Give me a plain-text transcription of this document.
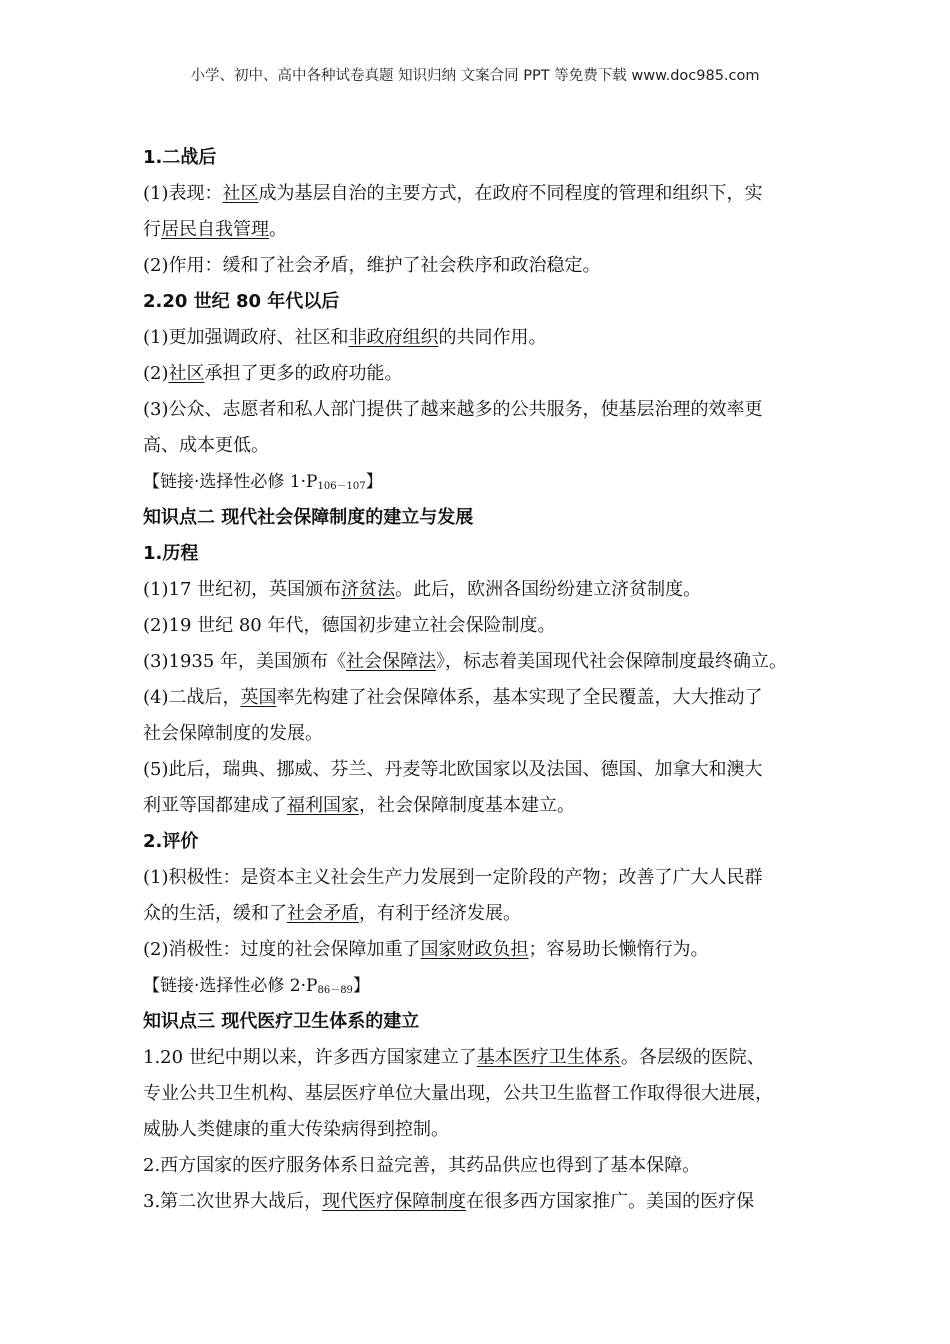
小学、初中、高中各种试卷真题 知识归纳 文案合同 PPT 等免费下载 www.doc985.com
1.二战后
(1)表现：社区成为基层自治的主要方式，在政府不同程度的管理和组织下，实
行居民自我管理。
(2)作用：缓和了社会矛盾，维护了社会秩序和政治稳定。
2.20 世纪 80 年代以后
(1)更加强调政府、社区和非政府组织的共同作用。
(2)社区承担了更多的政府功能。
(3)公众、志愿者和私人部门提供了越来越多的公共服务，使基层治理的效率更
高、成本更低。
【链接·选择性必修 $1\cdot P_{106-107}$】
知识点二 现代社会保障制度的建立与发展
1.历程
(1)17 世纪初，英国颁布济贫法。此后，欧洲各国纷纷建立济贫制度。
(2)19 世纪 80 年代，德国初步建立社会保险制度。
(3)1935 年，美国颁布《社会保障法》，标志着美国现代社会保障制度最终确立。
(4)二战后，英国率先构建了社会保障体系，基本实现了全民覆盖，大大推动了
社会保障制度的发展。
(5)此后，瑞典、挪威、芬兰、丹麦等北欧国家以及法国、德国、加拿大和澳大
利亚等国都建成了福利国家，社会保障制度基本建立。
2.评价
(1)积极性：是资本主义社会生产力发展到一定阶段的产物；改善了广大人民群
众的生活，缓和了社会矛盾，有利于经济发展。
(2)消极性：过度的社会保障加重了国家财政负担；容易助长懒惰行为。
【链接·选择性必修 $2\cdot P_{86-89}$】
知识点三 现代医疗卫生体系的建立
1.20 世纪中期以来，许多西方国家建立了基本医疗卫生体系。各层级的医院、
专业公共卫生机构、基层医疗单位大量出现，公共卫生监督工作取得很大进展，
威胁人类健康的重大传染病得到控制。
2.西方国家的医疗服务体系日益完善，其药品供应也得到了基本保障。
3.第二次世界大战后，现代医疗保障制度在很多西方国家推广。美国的医疗保
